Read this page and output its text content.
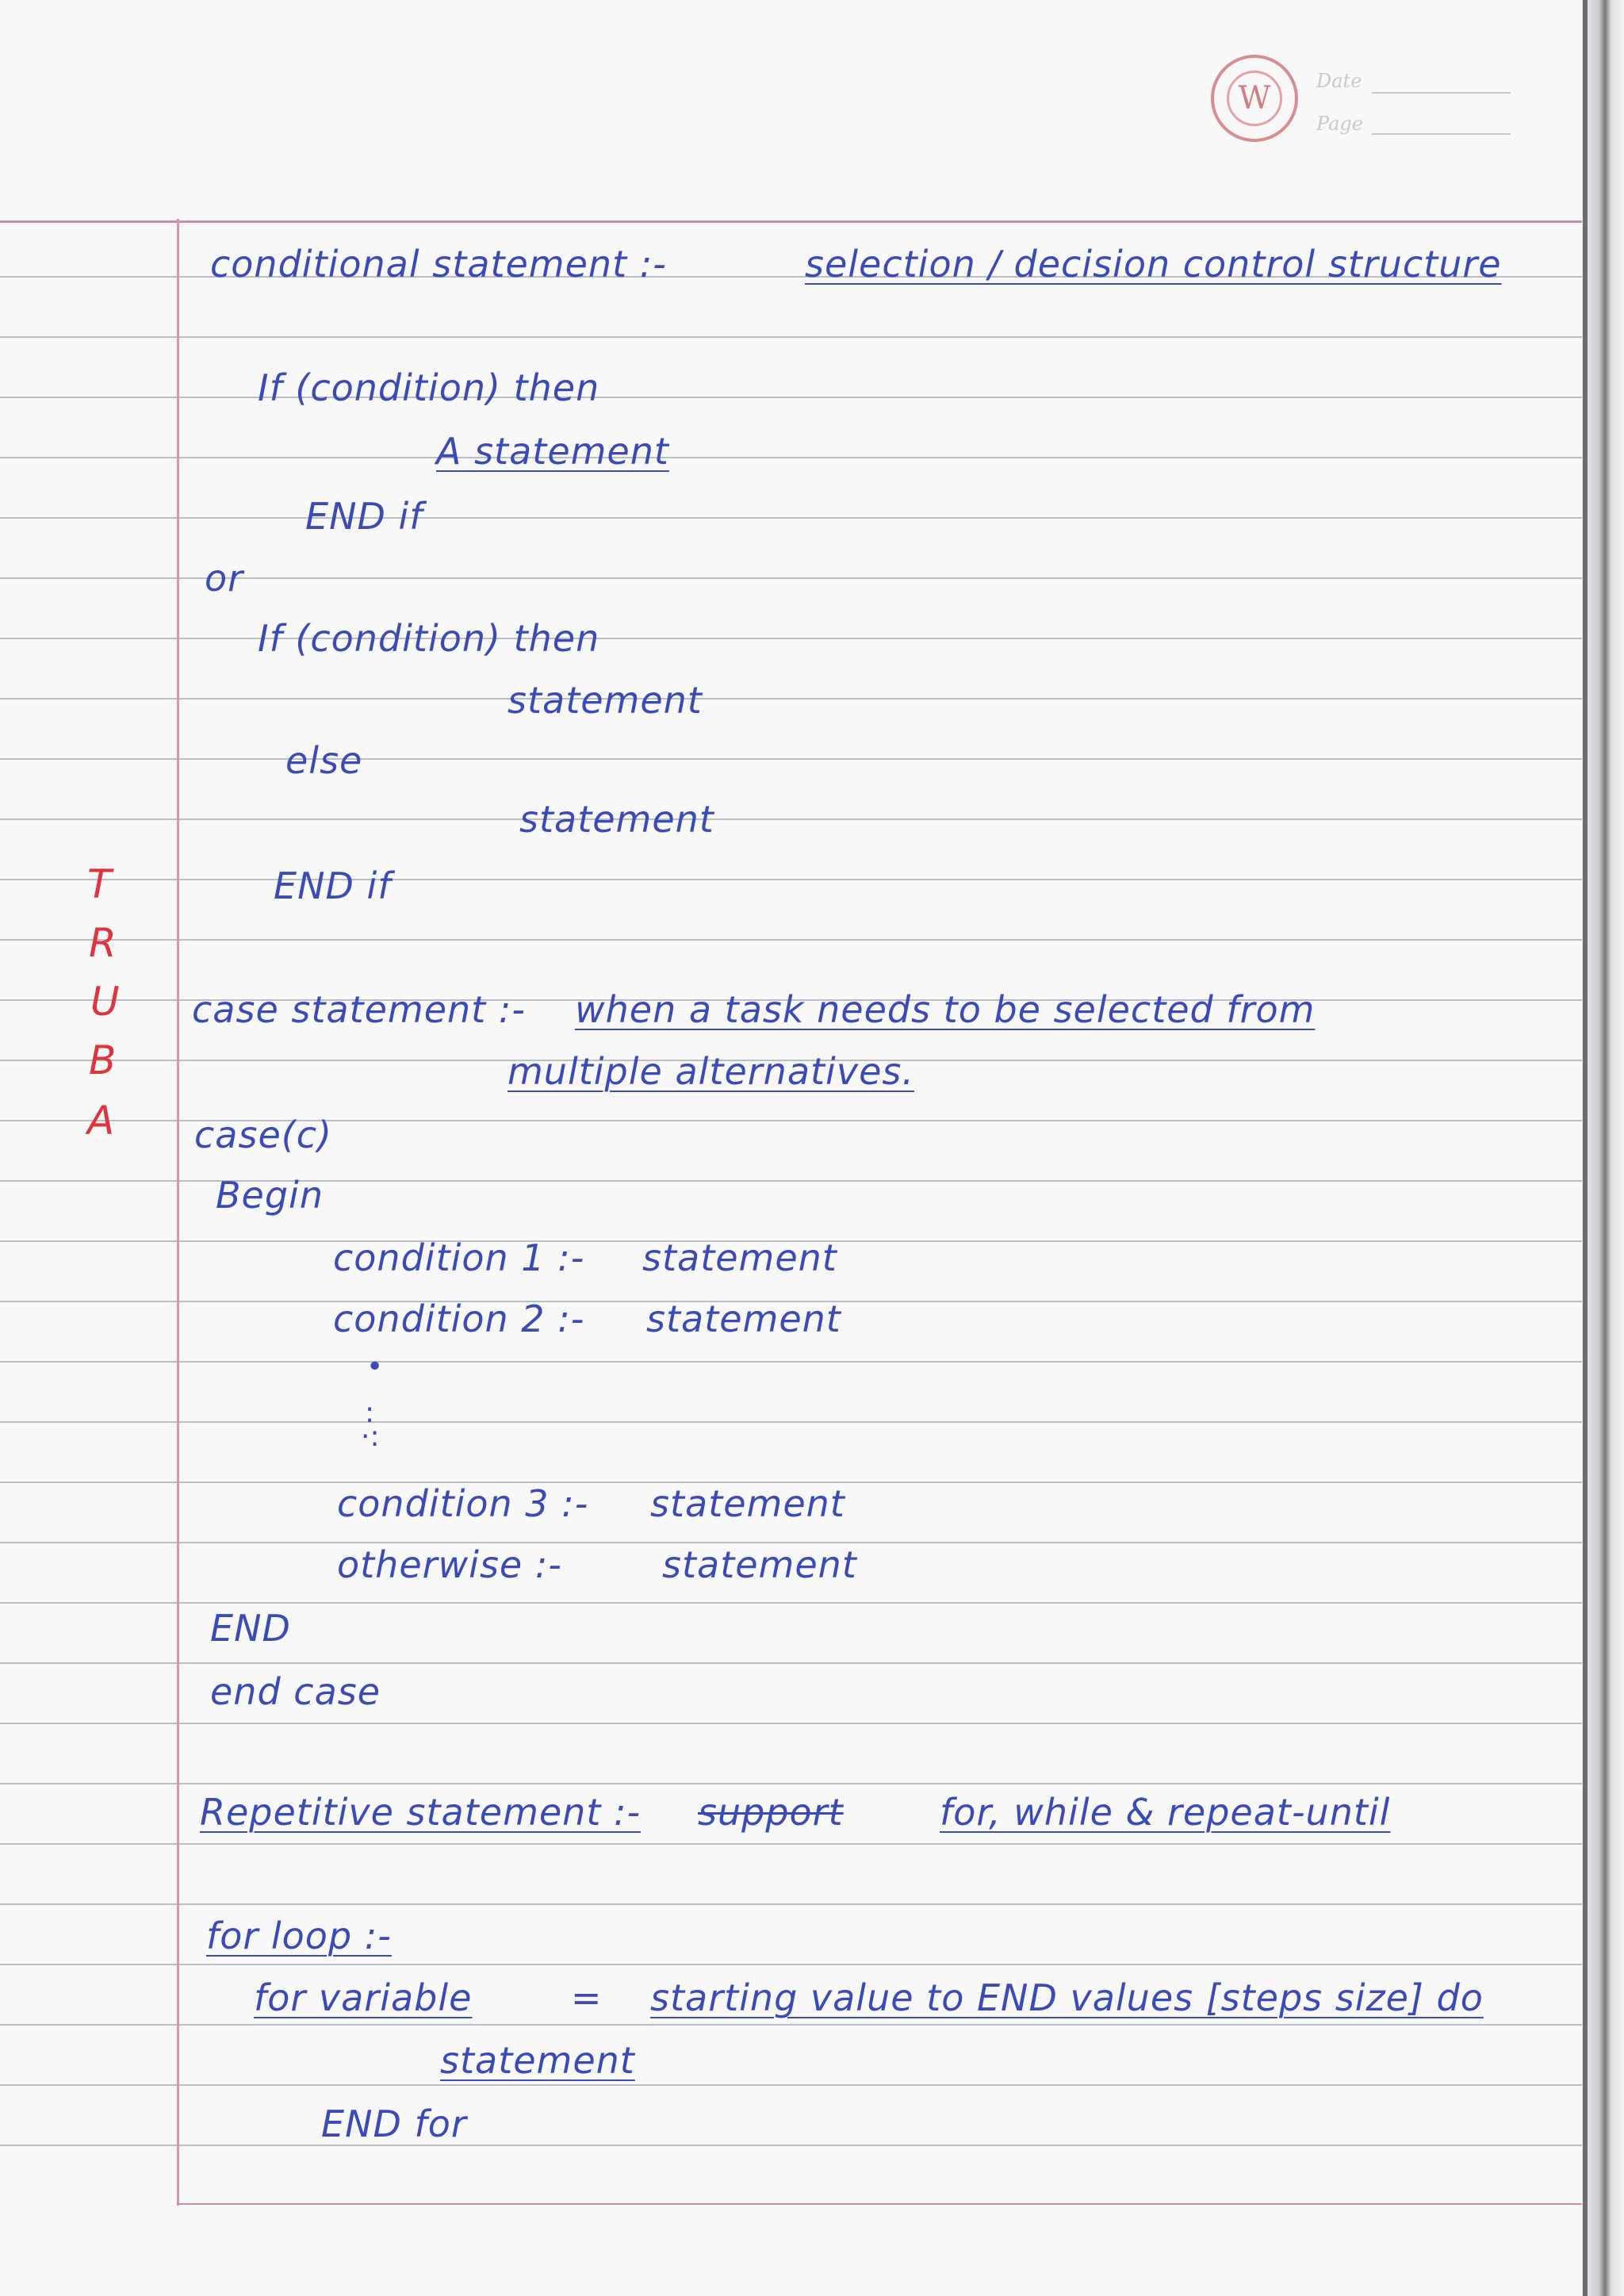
W	Date
Page
T
R
U
B
A
conditional statement :-	selection / decision control structure
If (condition) then
A statement
END if
or
If (condition) then
statement
else
statement
END if
case statement :- when a task needs to be selected from
multiple alternatives.
case(c)
Begin
condition 1 :- statement
condition 2 :- statement
•
:
·:
condition 3 :- statement
otherwise :-	statement
END
end case
Repetitive statement :- support	for, while & repeat-until
for loop :-
for variable	= starting value to END values [steps size] do
statement
END for
